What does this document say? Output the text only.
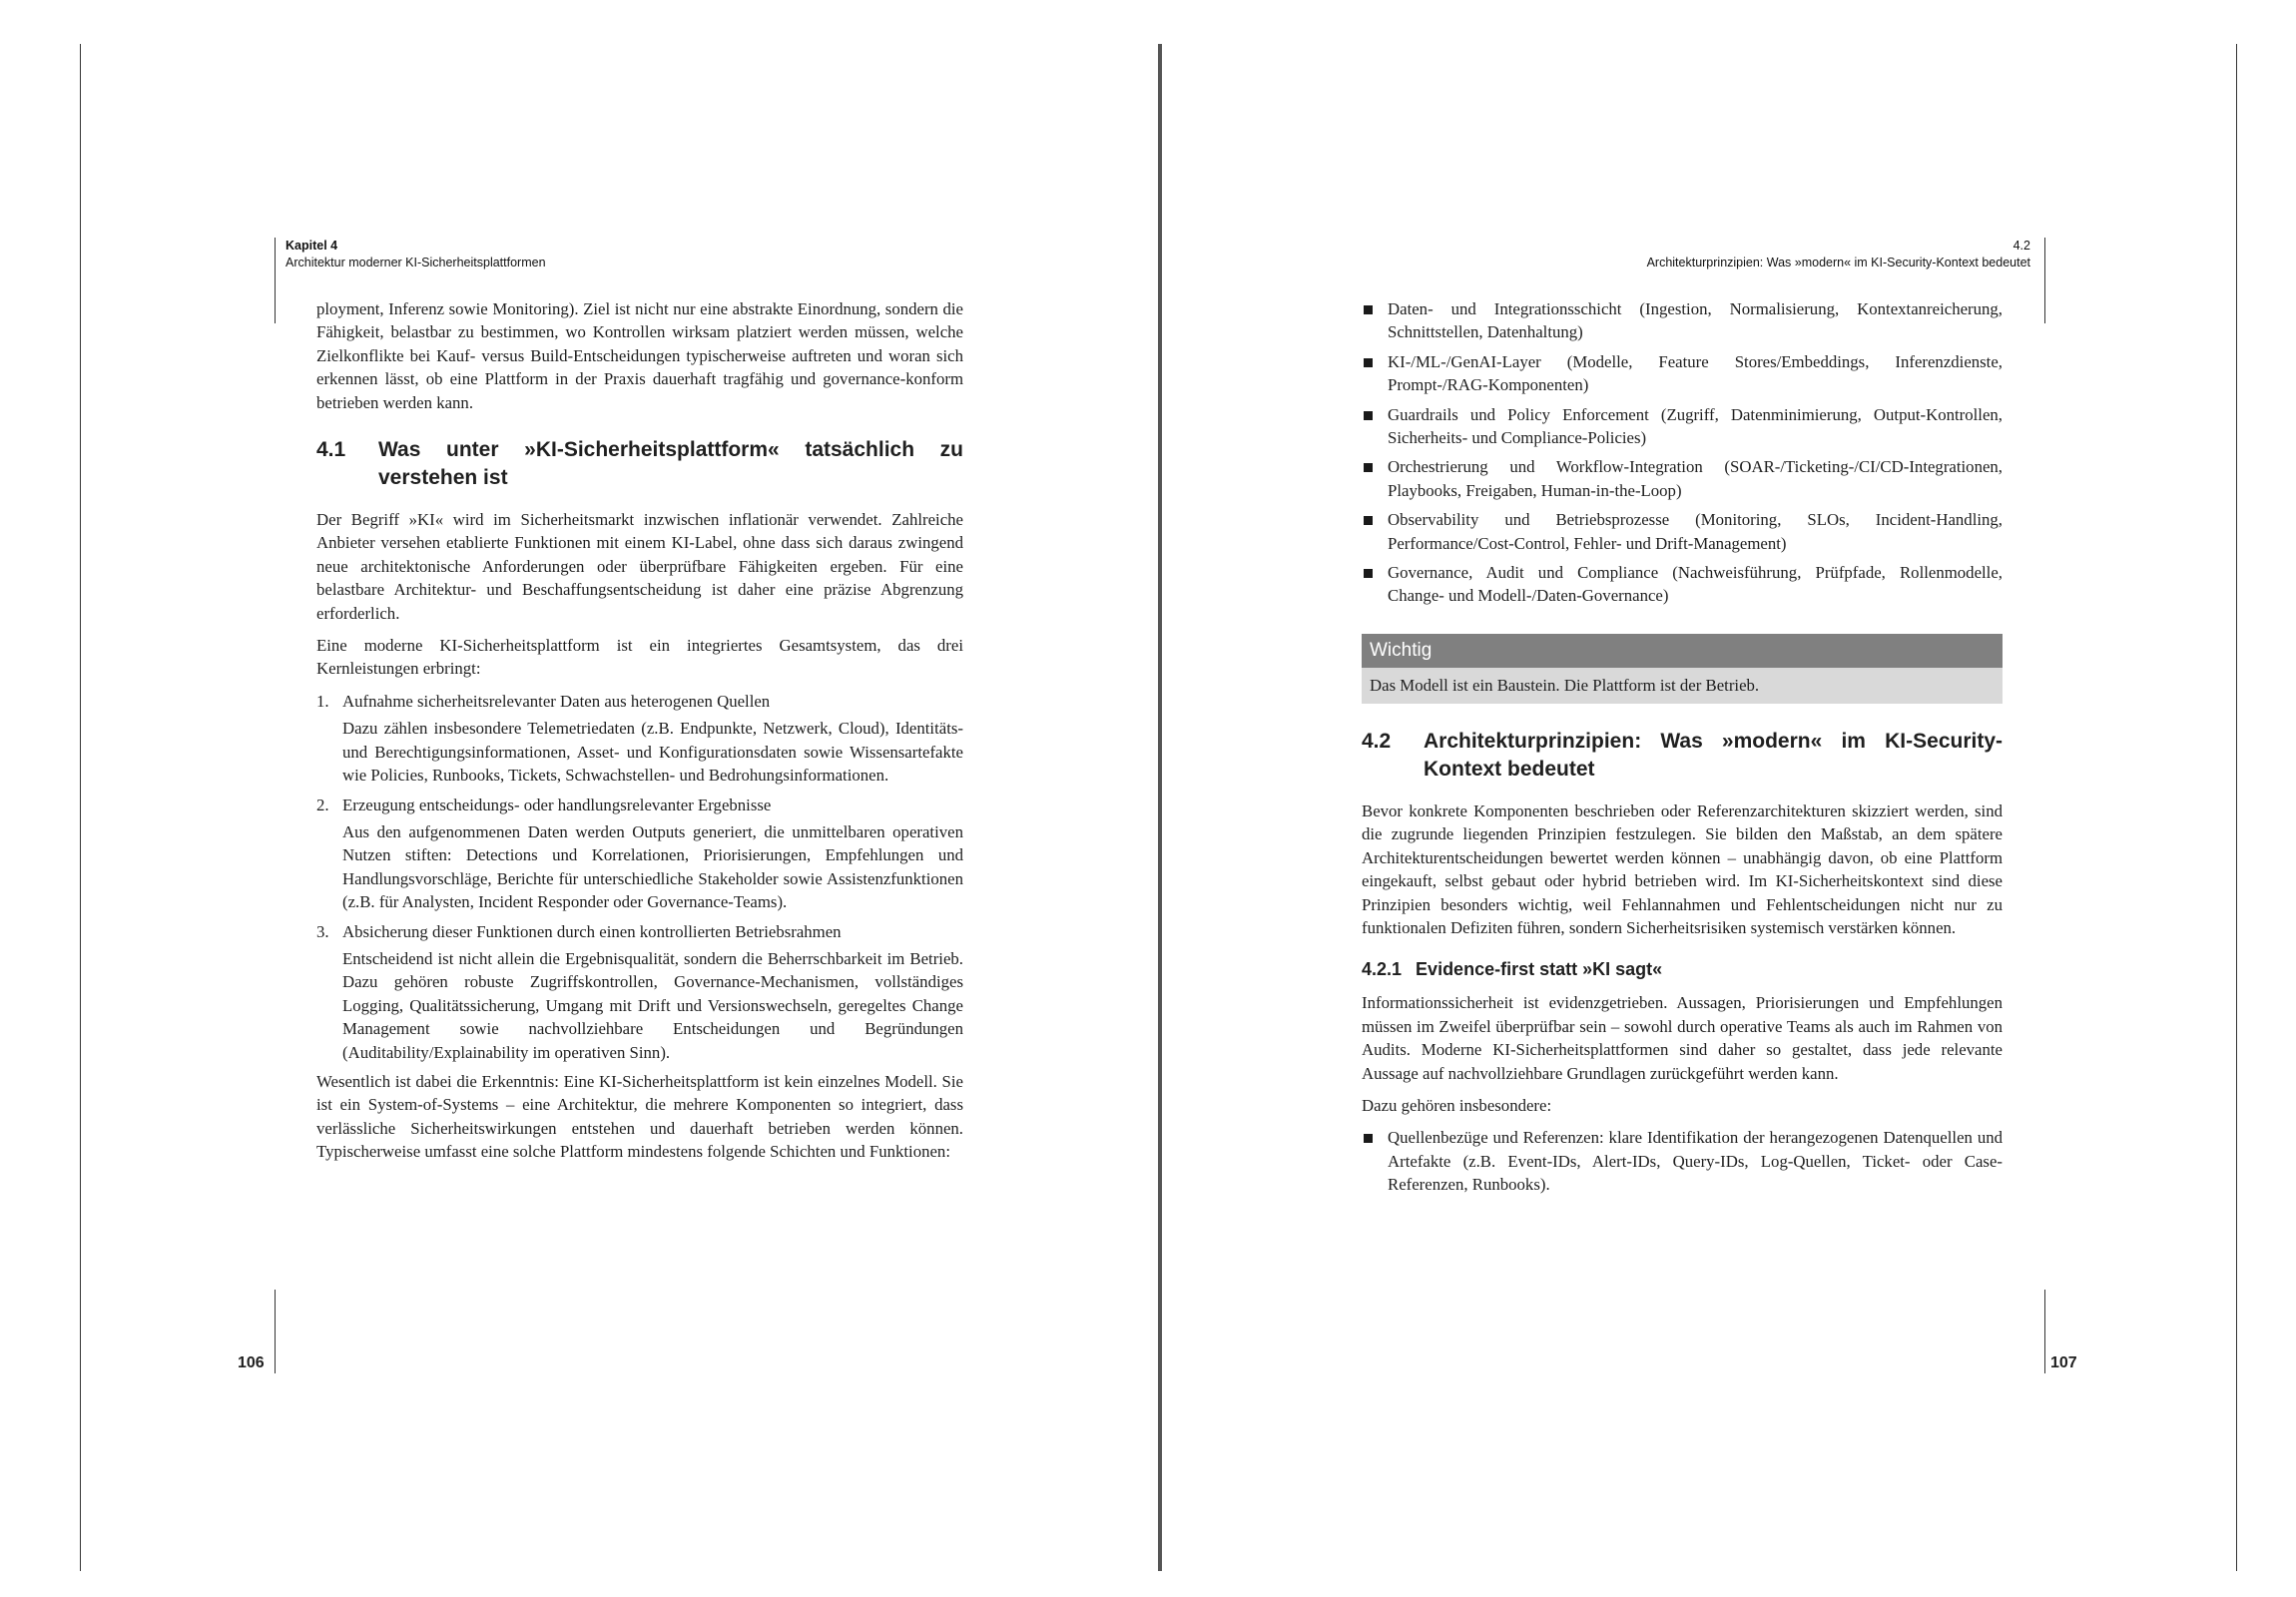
Kapitel 4
Architektur moderner KI-Sicherheitsplattformen
106

ployment, Inferenz sowie Monitoring). Ziel ist nicht nur eine abstrakte Einordnung, sondern die Fähigkeit, belastbar zu bestimmen, wo Kontrollen wirksam platziert werden müssen, welche Zielkonflikte bei Kauf- versus Build-Entscheidungen typischerweise auftreten und woran sich erkennen lässt, ob eine Plattform in der Praxis dauerhaft tragfähig und governance-konform betrieben werden kann.

4.1 Was unter »KI-Sicherheitsplattform« tatsächlich zu verstehen ist

Der Begriff »KI« wird im Sicherheitsmarkt inzwischen inflationär verwendet. Zahlreiche Anbieter versehen etablierte Funktionen mit einem KI-Label, ohne dass sich daraus zwingend neue architektonische Anforderungen oder überprüfbare Fähigkeiten ergeben. Für eine belastbare Architektur- und Beschaffungsentscheidung ist daher eine präzise Abgrenzung erforderlich.

Eine moderne KI-Sicherheitsplattform ist ein integriertes Gesamtsystem, das drei Kernleistungen erbringt:

1. Aufnahme sicherheitsrelevanter Daten aus heterogenen Quellen
Dazu zählen insbesondere Telemetriedaten (z.B. Endpunkte, Netzwerk, Cloud), Identitäts- und Berechtigungsinformationen, Asset- und Konfigurationsdaten sowie Wissensartefakte wie Policies, Runbooks, Tickets, Schwachstellen- und Bedrohungsinformationen.
2. Erzeugung entscheidungs- oder handlungsrelevanter Ergebnisse
Aus den aufgenommenen Daten werden Outputs generiert, die unmittelbaren operativen Nutzen stiften: Detections und Korrelationen, Priorisierungen, Empfehlungen und Handlungsvorschläge, Berichte für unterschiedliche Stakeholder sowie Assistenzfunktionen (z.B. für Analysten, Incident Responder oder Governance-Teams).
3. Absicherung dieser Funktionen durch einen kontrollierten Betriebsrahmen
Entscheidend ist nicht allein die Ergebnisqualität, sondern die Beherrschbarkeit im Betrieb. Dazu gehören robuste Zugriffskontrollen, Governance-Mechanismen, vollständiges Logging, Qualitätssicherung, Umgang mit Drift und Versionswechseln, geregeltes Change Management sowie nachvollziehbare Entscheidungen und Begründungen (Auditability/Explainability im operativen Sinn).

Wesentlich ist dabei die Erkenntnis: Eine KI-Sicherheitsplattform ist kein einzelnes Modell. Sie ist ein System-of-Systems – eine Architektur, die mehrere Komponenten so integriert, dass verlässliche Sicherheitswirkungen entstehen und dauerhaft betrieben werden können. Typischerweise umfasst eine solche Plattform mindestens folgende Schichten und Funktionen:

4.2
Architekturprinzipien: Was »modern« im KI-Security-Kontext bedeutet
107
Daten- und Integrationsschicht (Ingestion, Normalisierung, Kontextanreicherung, Schnittstellen, Datenhaltung)
KI-/ML-/GenAI-Layer (Modelle, Feature Stores/Embeddings, Inferenzdienste, Prompt-/RAG-Komponenten)
Guardrails und Policy Enforcement (Zugriff, Datenminimierung, Output-Kontrollen, Sicherheits- und Compliance-Policies)
Orchestrierung und Workflow-Integration (SOAR-/Ticketing-/CI/CD-Integrationen, Playbooks, Freigaben, Human-in-the-Loop)
Observability und Betriebsprozesse (Monitoring, SLOs, Incident-Handling, Performance/Cost-Control, Fehler- und Drift-Management)
Governance, Audit und Compliance (Nachweisführung, Prüfpfade, Rollenmodelle, Change- und Modell-/Daten-Governance)
Wichtig
Das Modell ist ein Baustein. Die Plattform ist der Betrieb.
4.2 Architekturprinzipien: Was »modern« im KI-Security-Kontext bedeutet

Bevor konkrete Komponenten beschrieben oder Referenzarchitekturen skizziert werden, sind die zugrunde liegenden Prinzipien festzulegen. Sie bilden den Maßstab, an dem spätere Architekturentscheidungen bewertet werden können – unabhängig davon, ob eine Plattform eingekauft, selbst gebaut oder hybrid betrieben wird. Im KI-Sicherheitskontext sind diese Prinzipien besonders wichtig, weil Fehlannahmen und Fehlentscheidungen nicht nur zu funktionalen Defiziten führen, sondern Sicherheitsrisiken systemisch verstärken können.

4.2.1 Evidence-first statt »KI sagt«

Informationssicherheit ist evidenzgetrieben. Aussagen, Priorisierungen und Empfehlungen müssen im Zweifel überprüfbar sein – sowohl durch operative Teams als auch im Rahmen von Audits. Moderne KI-Sicherheitsplattformen sind daher so gestaltet, dass jede relevante Aussage auf nachvollziehbare Grundlagen zurückgeführt werden kann.

Dazu gehören insbesondere:

Quellenbezüge und Referenzen: klare Identifikation der herangezogenen Datenquellen und Artefakte (z.B. Event-IDs, Alert-IDs, Query-IDs, Log-Quellen, Ticket- oder Case-Referenzen, Runbooks).
